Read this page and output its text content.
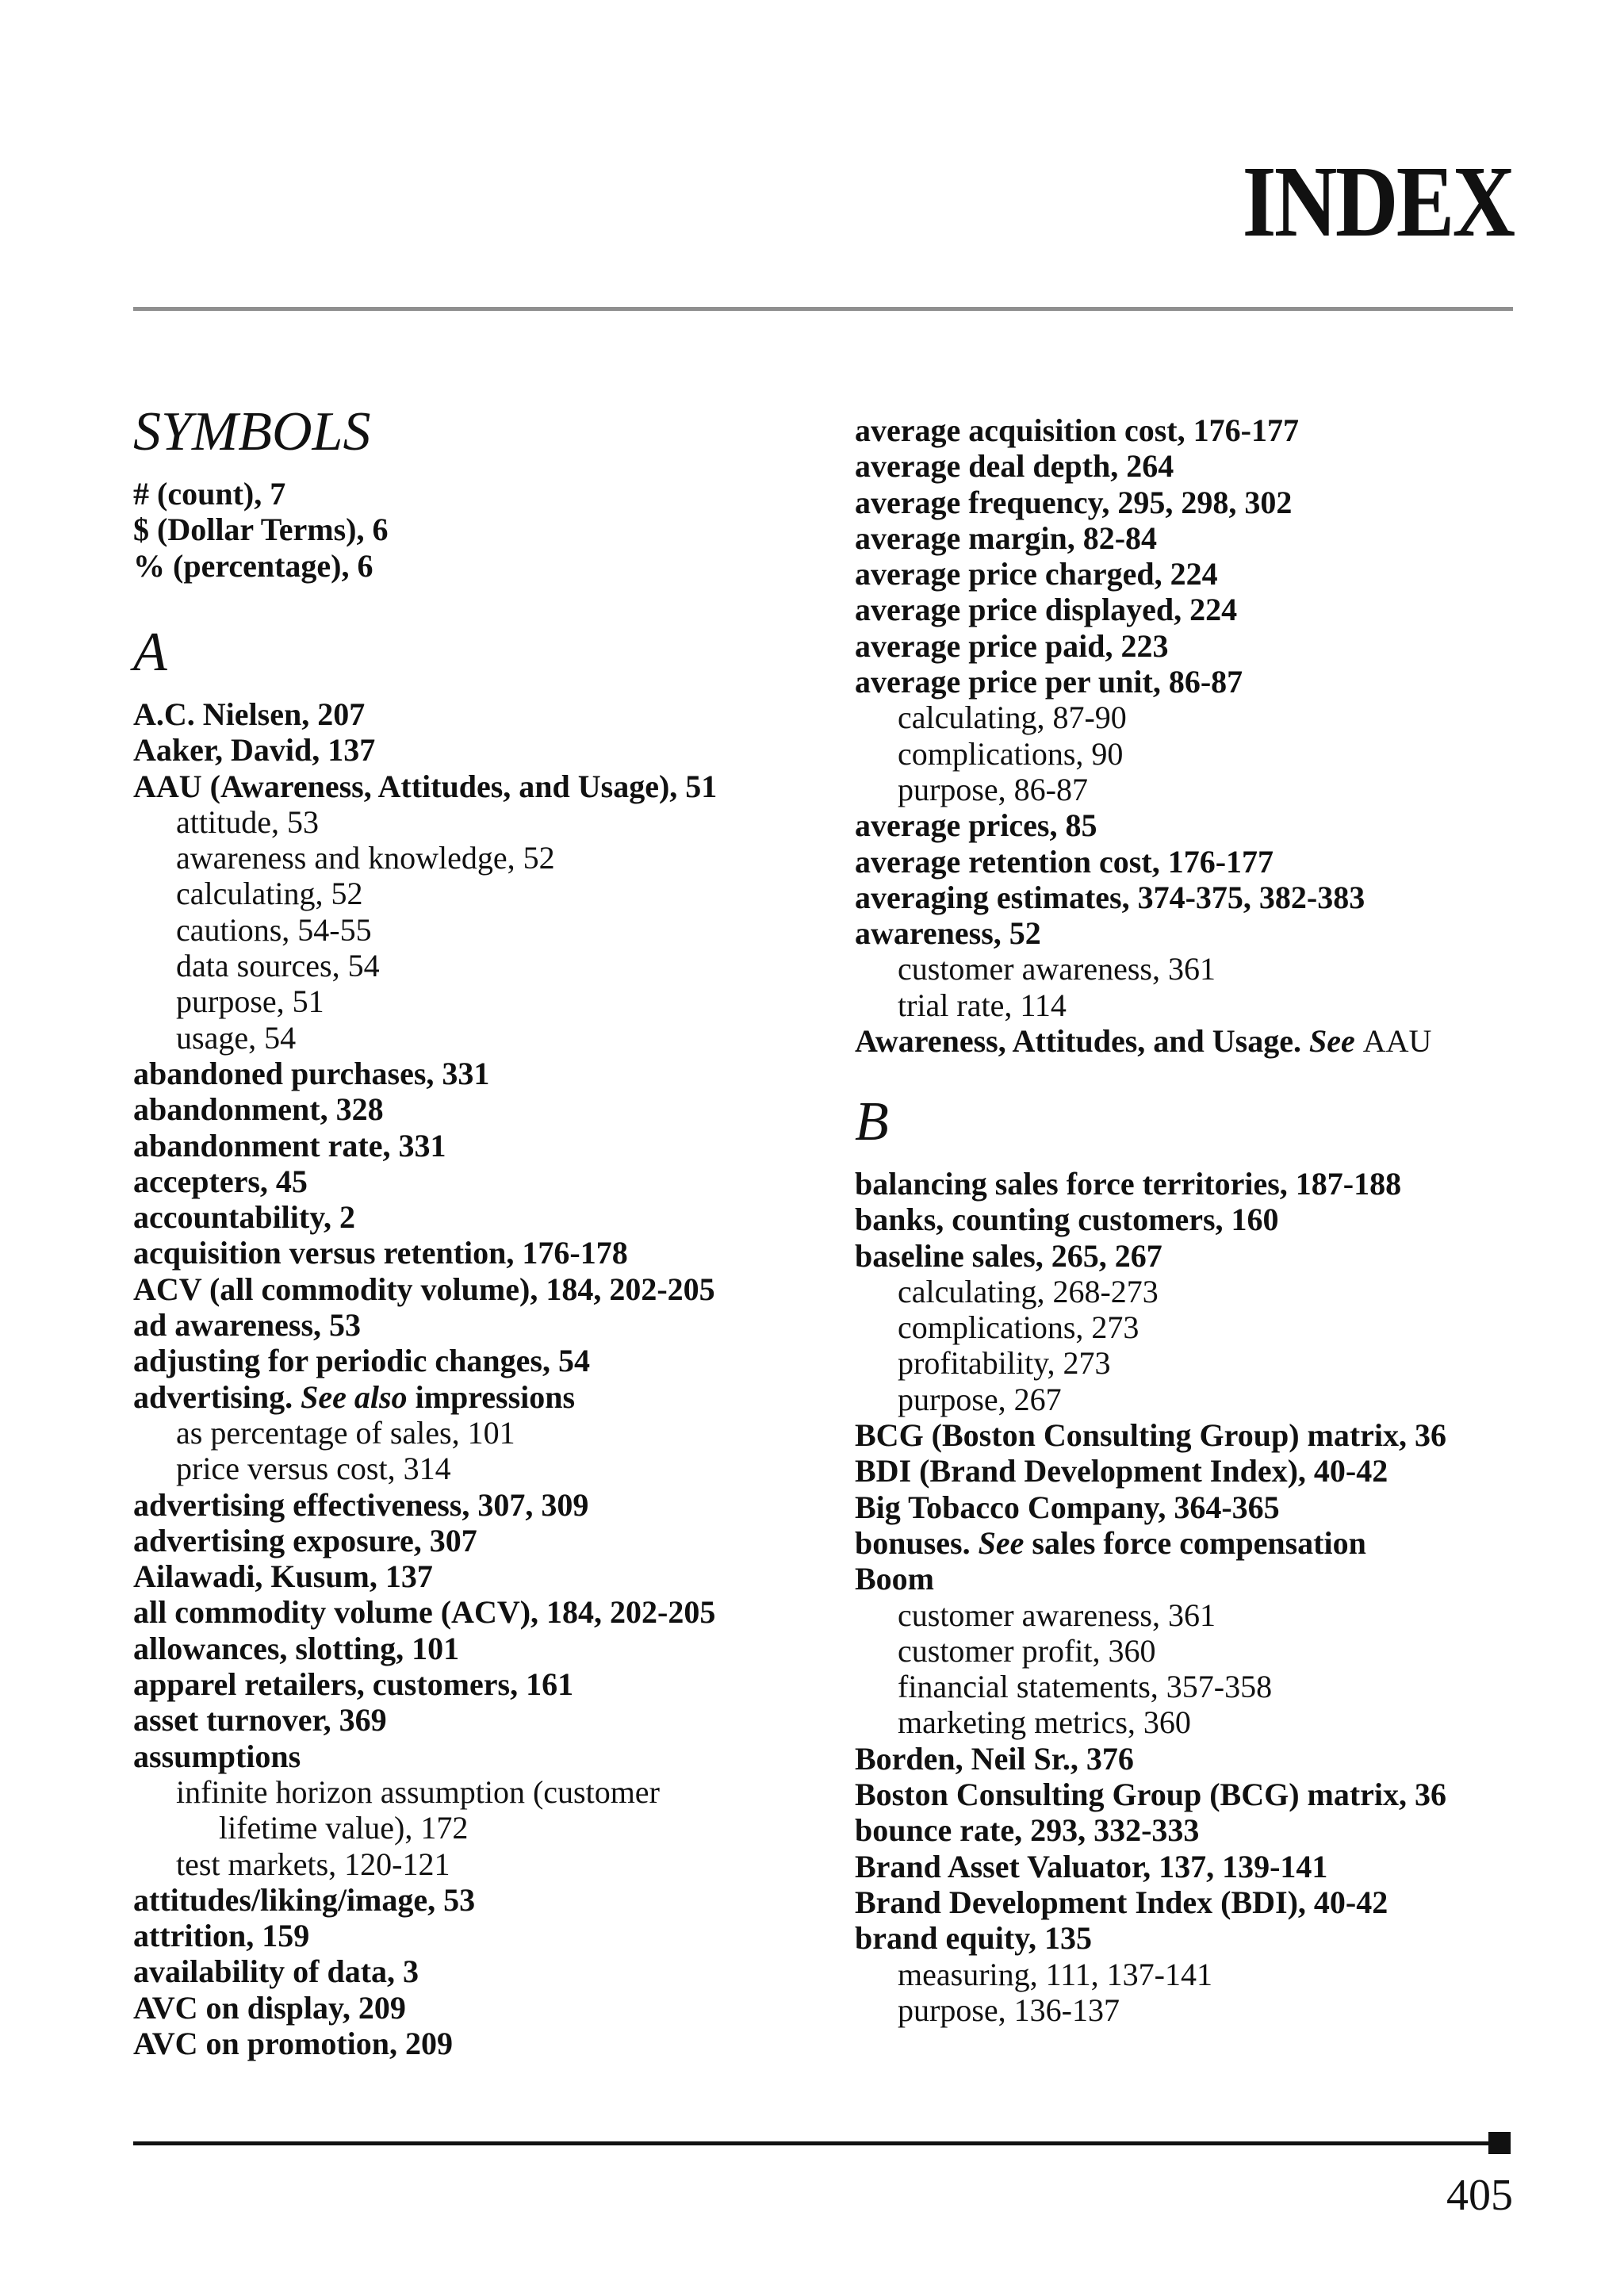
INDEX
SYMBOLS

# (count), 7

$ (Dollar Terms), 6

% (percentage), 6

A

A.C. Nielsen, 207

Aaker, David, 137

AAU (Awareness, Attitudes, and Usage), 51

attitude, 53

awareness and knowledge, 52

calculating, 52

cautions, 54-55

data sources, 54

purpose, 51

usage, 54

abandoned purchases, 331

abandonment, 328

abandonment rate, 331

accepters, 45

accountability, 2

acquisition versus retention, 176-178

ACV (all commodity volume), 184, 202-205

ad awareness, 53

adjusting for periodic changes, 54

advertising. See also impressions

as percentage of sales, 101

price versus cost, 314

advertising effectiveness, 307, 309

advertising exposure, 307

Ailawadi, Kusum, 137

all commodity volume (ACV), 184, 202-205

allowances, slotting, 101

apparel retailers, customers, 161

asset turnover, 369

assumptions

infinite horizon assumption (customer

lifetime value), 172

test markets, 120-121

attitudes/liking/image, 53

attrition, 159

availability of data, 3

AVC on display, 209

AVC on promotion, 209

average acquisition cost, 176-177

average deal depth, 264

average frequency, 295, 298, 302

average margin, 82-84

average price charged, 224

average price displayed, 224

average price paid, 223

average price per unit, 86-87

calculating, 87-90

complications, 90

purpose, 86-87

average prices, 85

average retention cost, 176-177

averaging estimates, 374-375, 382-383

awareness, 52

customer awareness, 361

trial rate, 114

Awareness, Attitudes, and Usage. See AAU

B

balancing sales force territories, 187-188

banks, counting customers, 160

baseline sales, 265, 267

calculating, 268-273

complications, 273

profitability, 273

purpose, 267

BCG (Boston Consulting Group) matrix, 36

BDI (Brand Development Index), 40-42

Big Tobacco Company, 364-365

bonuses. See sales force compensation

Boom

customer awareness, 361

customer profit, 360

financial statements, 357-358

marketing metrics, 360

Borden, Neil Sr., 376

Boston Consulting Group (BCG) matrix, 36

bounce rate, 293, 332-333

Brand Asset Valuator, 137, 139-141

Brand Development Index (BDI), 40-42

brand equity, 135

measuring, 111, 137-141

purpose, 136-137

405
